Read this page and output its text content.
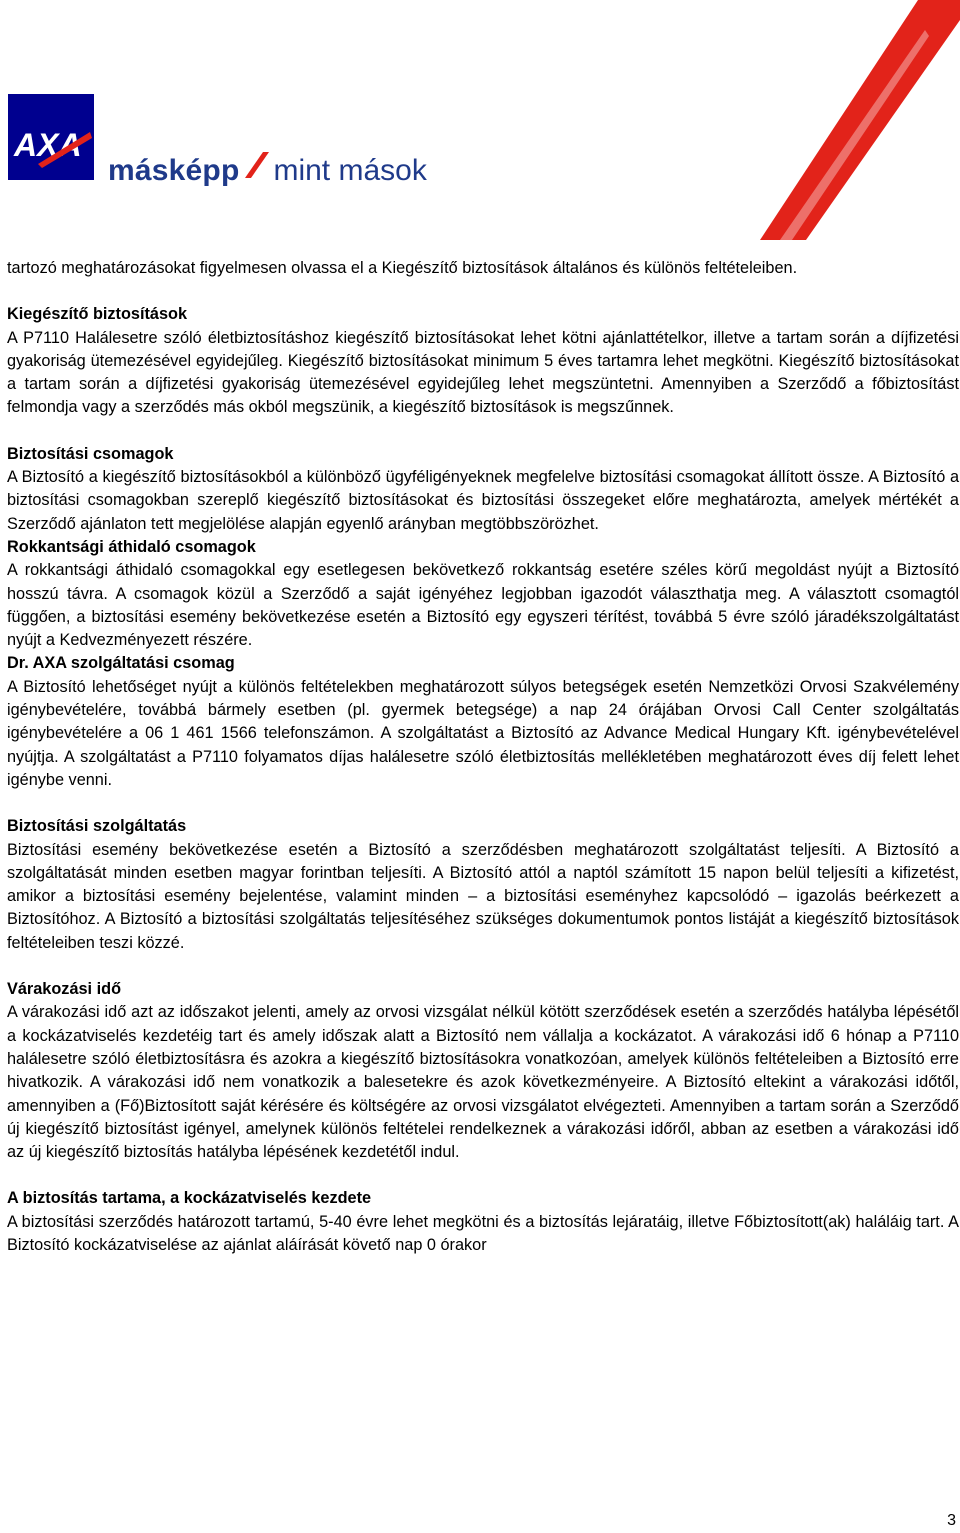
AXA
másképp mint mások

tartozó meghatározásokat figyelmesen olvassa el a Kiegészítő biztosítások általános és különös feltételeiben.

Kiegészítő biztosítások

A P7110 Halálesetre szóló életbiztosításhoz kiegészítő biztosításokat lehet kötni ajánlattételkor, illetve a tartam során a díjfizetési gyakoriság ütemezésével egyidejűleg. Kiegészítő biztosításokat minimum 5 éves tartamra lehet megkötni. Kiegészítő biztosításokat a tartam során a díjfizetési gyakoriság ütemezésével egyidejűleg lehet megszüntetni. Amennyiben a Szerződő a főbiztosítást felmondja vagy a szerződés más okból megszünik, a kiegészítő biztosítások is megszűnnek.

Biztosítási csomagok

A Biztosító a kiegészítő biztosításokból a különböző ügyféligényeknek megfelelve biztosítási csomagokat állított össze. A Biztosító a biztosítási csomagokban szereplő kiegészítő biztosításokat és biztosítási összegeket előre meghatározta, amelyek mértékét a Szerződő ajánlaton tett megjelölése alapján egyenlő arányban megtöbbszörözhet.

Rokkantsági áthidaló csomagok

A rokkantsági áthidaló csomagokkal egy esetlegesen bekövetkező rokkantság esetére széles körű megoldást nyújt a Biztosító hosszú távra. A csomagok közül a Szerződő a saját igényéhez legjobban igazodót választhatja meg. A választott csomagtól függően, a biztosítási esemény bekövetkezése esetén a Biztosító egy egyszeri térítést, továbbá 5 évre szóló járadékszolgáltatást nyújt a Kedvezményezett részére.

Dr. AXA szolgáltatási csomag

A Biztosító lehetőséget nyújt a különös feltételekben meghatározott súlyos betegségek esetén Nemzetközi Orvosi Szakvélemény igénybevételére, továbbá bármely esetben (pl. gyermek betegsége) a nap 24 órájában Orvosi Call Center szolgáltatás igénybevételére a 06 1 461 1566 telefonszámon. A szolgáltatást a Biztosító az Advance Medical Hungary Kft. igénybevételével nyújtja. A szolgáltatást a P7110 folyamatos díjas halálesetre szóló életbiztosítás mellékletében meghatározott éves díj felett lehet igénybe venni.

Biztosítási szolgáltatás

Biztosítási esemény bekövetkezése esetén a Biztosító a szerződésben meghatározott szolgáltatást teljesíti. A Biztosító a szolgáltatását minden esetben magyar forintban teljesíti. A Biztosító attól a naptól számított 15 napon belül teljesíti a kifizetést, amikor a biztosítási esemény bejelentése, valamint minden – a biztosítási eseményhez kapcsolódó – igazolás beérkezett a Biztosítóhoz. A Biztosító a biztosítási szolgáltatás teljesítéséhez szükséges dokumentumok pontos listáját a kiegészítő biztosítások feltételeiben teszi közzé.

Várakozási idő

A várakozási idő azt az időszakot jelenti, amely az orvosi vizsgálat nélkül kötött szerződések esetén a szerződés hatályba lépésétől a kockázatviselés kezdetéig tart és amely időszak alatt a Biztosító nem vállalja a kockázatot. A várakozási idő 6 hónap a P7110 halálesetre szóló életbiztosításra és azokra a kiegészítő biztosításokra vonatkozóan, amelyek különös feltételeiben a Biztosító erre hivatkozik. A várakozási idő nem vonatkozik a balesetekre és azok következményeire. A Biztosító eltekint a várakozási időtől, amennyiben a (Fő)Biztosított saját kérésére és költségére az orvosi vizsgálatot elvégezteti. Amennyiben a tartam során a Szerződő új kiegészítő biztosítást igényel, amelynek különös feltételei rendelkeznek a várakozási időről, abban az esetben a várakozási idő az új kiegészítő biztosítás hatályba lépésének kezdetétől indul.

A biztosítás tartama, a kockázatviselés kezdete

A biztosítási szerződés határozott tartamú, 5-40 évre lehet megkötni és a biztosítás lejáratáig, illetve Főbiztosított(ak) haláláig tart. A Biztosító kockázatviselése az ajánlat aláírását követő nap 0 órakor

3
